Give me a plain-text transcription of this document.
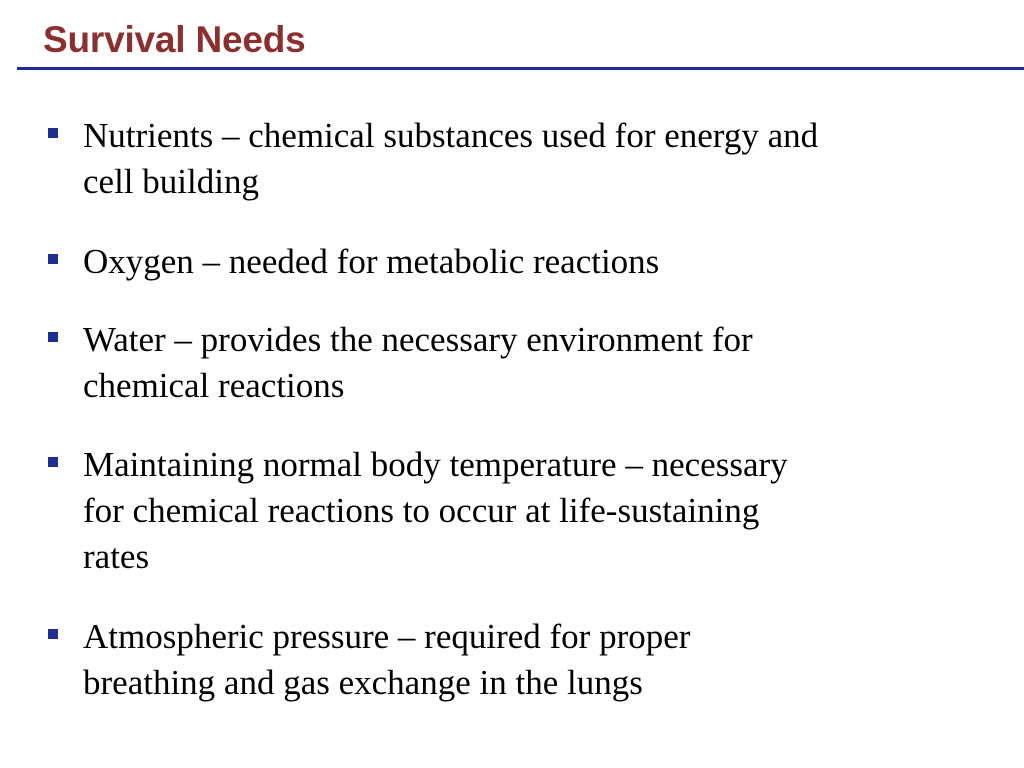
Survival Needs

Nutrients – chemical substances used for energy and
cell building

Oxygen – needed for metabolic reactions

Water – provides the necessary environment for
chemical reactions

Maintaining normal body temperature – necessary
for chemical reactions to occur at life-sustaining
rates

Atmospheric pressure – required for proper
breathing and gas exchange in the lungs
